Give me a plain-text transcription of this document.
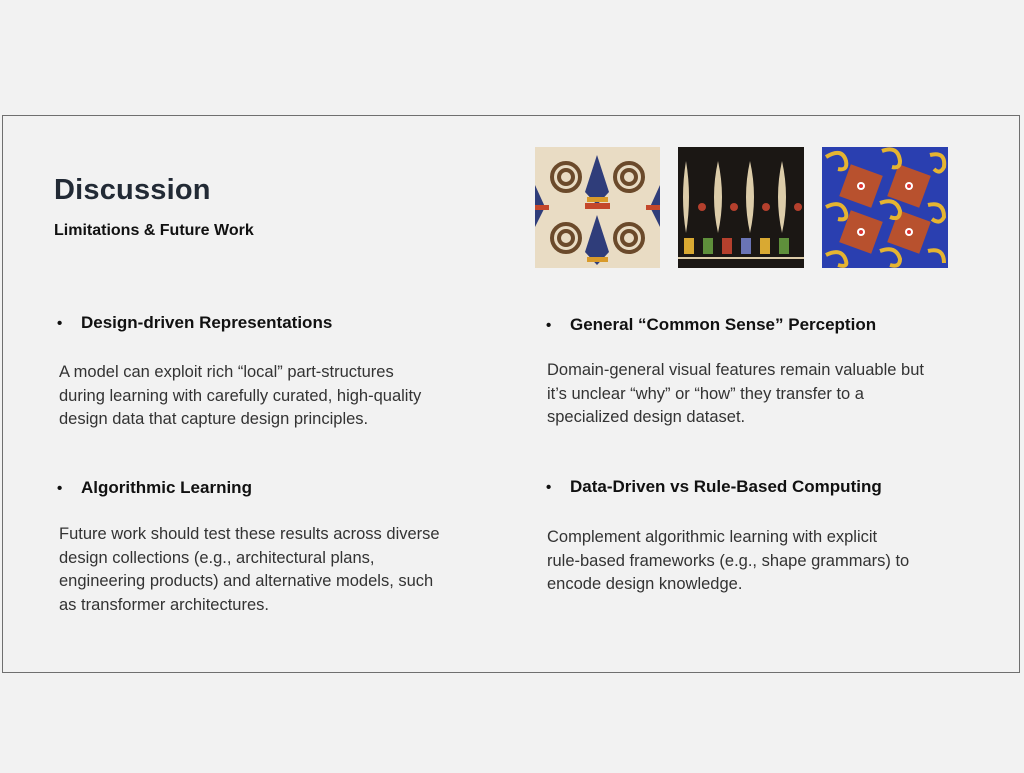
Discussion
Limitations & Future Work
•	Design-driven Representations
A model can exploit rich “local” part-structures
during learning with carefully curated, high-quality
design data that capture design principles.
•	General “Common Sense” Perception
Domain-general visual features remain valuable but
it’s unclear “why” or “how” they transfer to a
specialized design dataset.
•	Algorithmic Learning
Future work should test these results across diverse
design collections (e.g., architectural plans,
engineering products) and alternative models, such
as transformer architectures.
•	Data-Driven vs Rule-Based Computing
Complement algorithmic learning with explicit
rule-based frameworks (e.g., shape grammars) to
encode design knowledge.
